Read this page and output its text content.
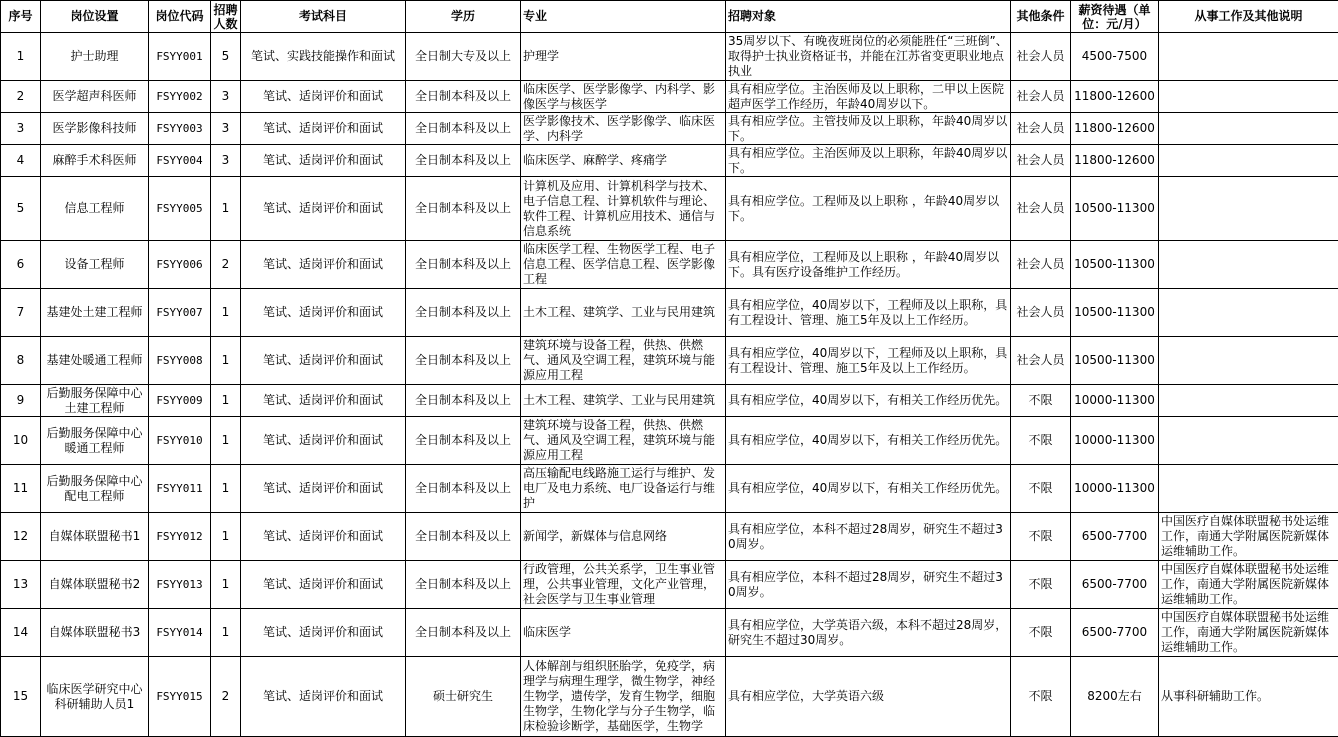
序号	岗位设置	岗位代码	招聘人数	考试科目	学历	专业	招聘对象	其他条件	薪资待遇（单位：元/月）	从事工作及其他说明
1	护士助理	FSYY001	5	笔试、实践技能操作和面试	全日制大专及以上	护理学	35周岁以下、有晚夜班岗位的必须能胜任“三班倒”、取得护士执业资格证书，并能在江苏省变更职业地点执业	社会人员	4500-7500	
2	医学超声科医师	FSYY002	3	笔试、适岗评价和面试	全日制本科及以上	临床医学、医学影像学、内科学、影像医学与核医学	具有相应学位。主治医师及以上职称，二甲以上医院超声医学工作经历，年龄40周岁以下。	社会人员	11800-12600	
3	医学影像科技师	FSYY003	3	笔试、适岗评价和面试	全日制本科及以上	医学影像技术、医学影像学、临床医学、内科学	具有相应学位。主管技师及以上职称，年龄40周岁以下。	社会人员	11800-12600	
4	麻醉手术科医师	FSYY004	3	笔试、适岗评价和面试	全日制本科及以上	临床医学、麻醉学、疼痛学	具有相应学位。主治医师及以上职称，年龄40周岁以下。	社会人员	11800-12600	
5	信息工程师	FSYY005	1	笔试、适岗评价和面试	全日制本科及以上	计算机及应用、计算机科学与技术、电子信息工程、计算机软件与理论、软件工程、计算机应用技术、通信与信息系统	具有相应学位。工程师及以上职称 ，年龄40周岁以下。	社会人员	10500-11300	
6	设备工程师	FSYY006	2	笔试、适岗评价和面试	全日制本科及以上	临床医学工程、生物医学工程、电子信息工程、医学信息工程、医学影像工程	具有相应学位，工程师及以上职称 ，年龄40周岁以下。具有医疗设备维护工作经历。	社会人员	10500-11300	
7	基建处土建工程师	FSYY007	1	笔试、适岗评价和面试	全日制本科及以上	土木工程、建筑学、工业与民用建筑	具有相应学位，40周岁以下，工程师及以上职称，具有工程设计、管理、施工5年及以上工作经历。	社会人员	10500-11300	
8	基建处暖通工程师	FSYY008	1	笔试、适岗评价和面试	全日制本科及以上	建筑环境与设备工程，供热、供燃气、通风及空调工程，建筑环境与能源应用工程	具有相应学位，40周岁以下，工程师及以上职称，具有工程设计、管理、施工5年及以上工作经历。	社会人员	10500-11300	
9	后勤服务保障中心土建工程师	FSYY009	1	笔试、适岗评价和面试	全日制本科及以上	土木工程、建筑学、工业与民用建筑	具有相应学位，40周岁以下，有相关工作经历优先。	不限	10000-11300	
10	后勤服务保障中心暖通工程师	FSYY010	1	笔试、适岗评价和面试	全日制本科及以上	建筑环境与设备工程，供热、供燃气、通风及空调工程，建筑环境与能源应用工程	具有相应学位，40周岁以下，有相关工作经历优先。	不限	10000-11300	
11	后勤服务保障中心配电工程师	FSYY011	1	笔试、适岗评价和面试	全日制本科及以上	高压输配电线路施工运行与维护、发电厂及电力系统、电厂设备运行与维护	具有相应学位，40周岁以下，有相关工作经历优先。	不限	10000-11300	
12	自媒体联盟秘书1	FSYY012	1	笔试、适岗评价和面试	全日制本科及以上	新闻学，新媒体与信息网络	具有相应学位，本科不超过28周岁，研究生不超过30周岁。	不限	6500-7700	中国医疗自媒体联盟秘书处运维工作，南通大学附属医院新媒体运维辅助工作。
13	自媒体联盟秘书2	FSYY013	1	笔试、适岗评价和面试	全日制本科及以上	行政管理，公共关系学，卫生事业管理，公共事业管理，文化产业管理，社会医学与卫生事业管理	具有相应学位，本科不超过28周岁，研究生不超过30周岁。	不限	6500-7700	中国医疗自媒体联盟秘书处运维工作，南通大学附属医院新媒体运维辅助工作。
14	自媒体联盟秘书3	FSYY014	1	笔试、适岗评价和面试	全日制本科及以上	临床医学	具有相应学位，大学英语六级，本科不超过28周岁，研究生不超过30周岁。	不限	6500-7700	中国医疗自媒体联盟秘书处运维工作，南通大学附属医院新媒体运维辅助工作。
15	临床医学研究中心科研辅助人员1	FSYY015	2	笔试、适岗评价和面试	硕士研究生	人体解剖与组织胚胎学，免疫学，病理学与病理生理学，微生物学，神经生物学，遗传学，发育生物学，细胞生物学，生物化学与分子生物学，临床检验诊断学，基础医学，生物学	具有相应学位，大学英语六级	不限	8200左右	从事科研辅助工作。
